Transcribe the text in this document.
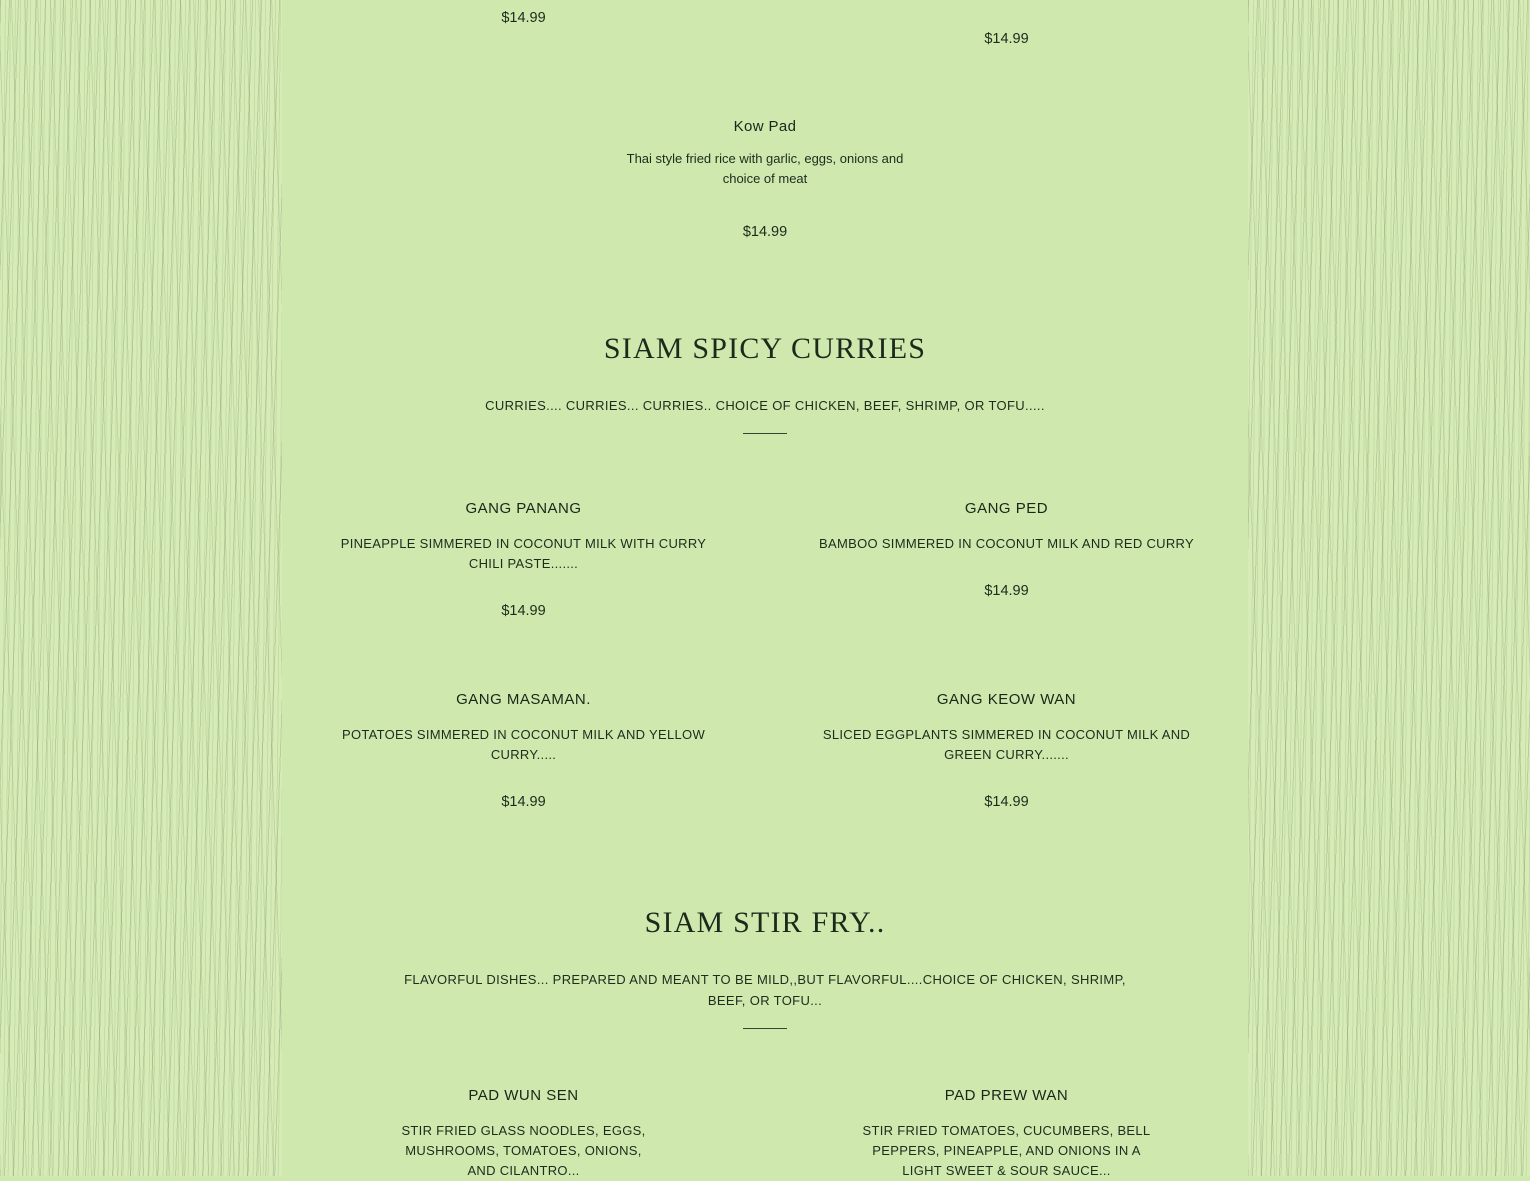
$14.99
$14.99
Kow Pad
Thai style fried rice with garlic, eggs, onions and choice of meat
$14.99
SIAM SPICY CURRIES
CURRIES.... CURRIES... CURRIES.. CHOICE OF CHICKEN, BEEF, SHRIMP, OR TOFU.....
GANG PANANG
PINEAPPLE SIMMERED IN COCONUT MILK WITH CURRY CHILI PASTE.......
$14.99
GANG PED
BAMBOO SIMMERED IN COCONUT MILK AND RED CURRY
$14.99
GANG MASAMAN.
POTATOES SIMMERED IN COCONUT MILK AND YELLOW CURRY.....
$14.99
GANG KEOW WAN
SLICED EGGPLANTS SIMMERED IN COCONUT MILK AND GREEN CURRY.......
$14.99
SIAM STIR FRY..
FLAVORFUL DISHES... PREPARED AND MEANT TO BE MILD,,BUT FLAVORFUL....CHOICE OF CHICKEN, SHRIMP, BEEF, OR TOFU...
PAD WUN SEN
STIR FRIED GLASS NOODLES, EGGS, MUSHROOMS, TOMATOES, ONIONS, AND CILANTRO...
PAD PREW WAN
STIR FRIED TOMATOES, CUCUMBERS, BELL PEPPERS, PINEAPPLE, AND ONIONS IN A LIGHT SWEET & SOUR SAUCE...
